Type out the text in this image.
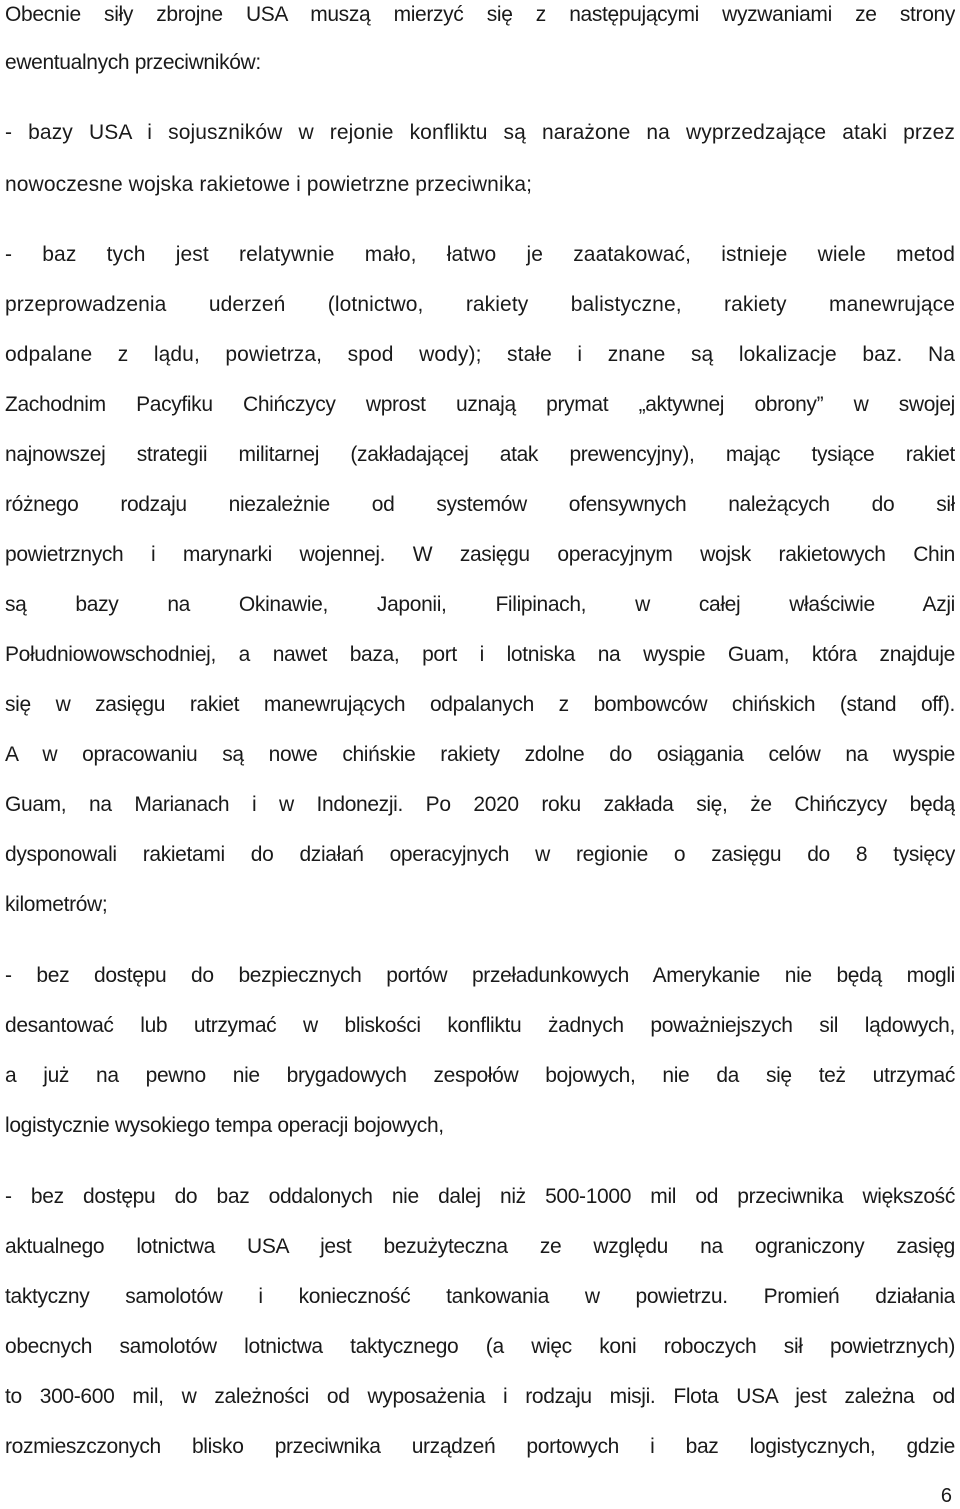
Obecnie siły zbrojne USA muszą mierzyć się z następującymi wyzwaniami ze strony
ewentualnych przeciwników:
- bazy USA i sojuszników w rejonie konfliktu są narażone na wyprzedzające ataki przez
nowoczesne wojska rakietowe i powietrzne przeciwnika;
- baz tych jest relatywnie mało, łatwo je zaatakować, istnieje wiele metod
przeprowadzenia uderzeń (lotnictwo, rakiety balistyczne, rakiety manewrujące
odpalane z lądu, powietrza, spod wody); stałe i znane są lokalizacje baz. Na
Zachodnim Pacyfiku Chińczycy wprost uznają prymat „aktywnej obrony” w swojej
najnowszej strategii militarnej (zakładającej atak prewencyjny), mając tysiące rakiet
różnego rodzaju niezależnie od systemów ofensywnych należących do sił
powietrznych i marynarki wojennej. W zasięgu operacyjnym wojsk rakietowych Chin
są bazy na Okinawie, Japonii, Filipinach, w całej właściwie Azji
Południowowschodniej, a nawet baza, port i lotniska na wyspie Guam, która znajduje
się w zasięgu rakiet manewrujących odpalanych z bombowców chińskich (stand off).
A w opracowaniu są nowe chińskie rakiety zdolne do osiągania celów na wyspie
Guam, na Marianach i w Indonezji. Po 2020 roku zakłada się, że Chińczycy będą
dysponowali rakietami do działań operacyjnych w regionie o zasięgu do 8 tysięcy
kilometrów;
- bez dostępu do bezpiecznych portów przeładunkowych Amerykanie nie będą mogli
desantować lub utrzymać w bliskości konfliktu żadnych poważniejszych sil lądowych,
a już na pewno nie brygadowych zespołów bojowych, nie da się też utrzymać
logistycznie wysokiego tempa operacji bojowych,
- bez dostępu do baz oddalonych nie dalej niż 500-1000 mil od przeciwnika większość
aktualnego lotnictwa USA jest bezużyteczna ze względu na ograniczony zasięg
taktyczny samolotów i konieczność tankowania w powietrzu. Promień działania
obecnych samolotów lotnictwa taktycznego (a więc koni roboczych sił powietrznych)
to 300-600 mil, w zależności od wyposażenia i rodzaju misji. Flota USA jest zależna od
rozmieszczonych blisko przeciwnika urządzeń portowych i baz logistycznych, gdzie
6
